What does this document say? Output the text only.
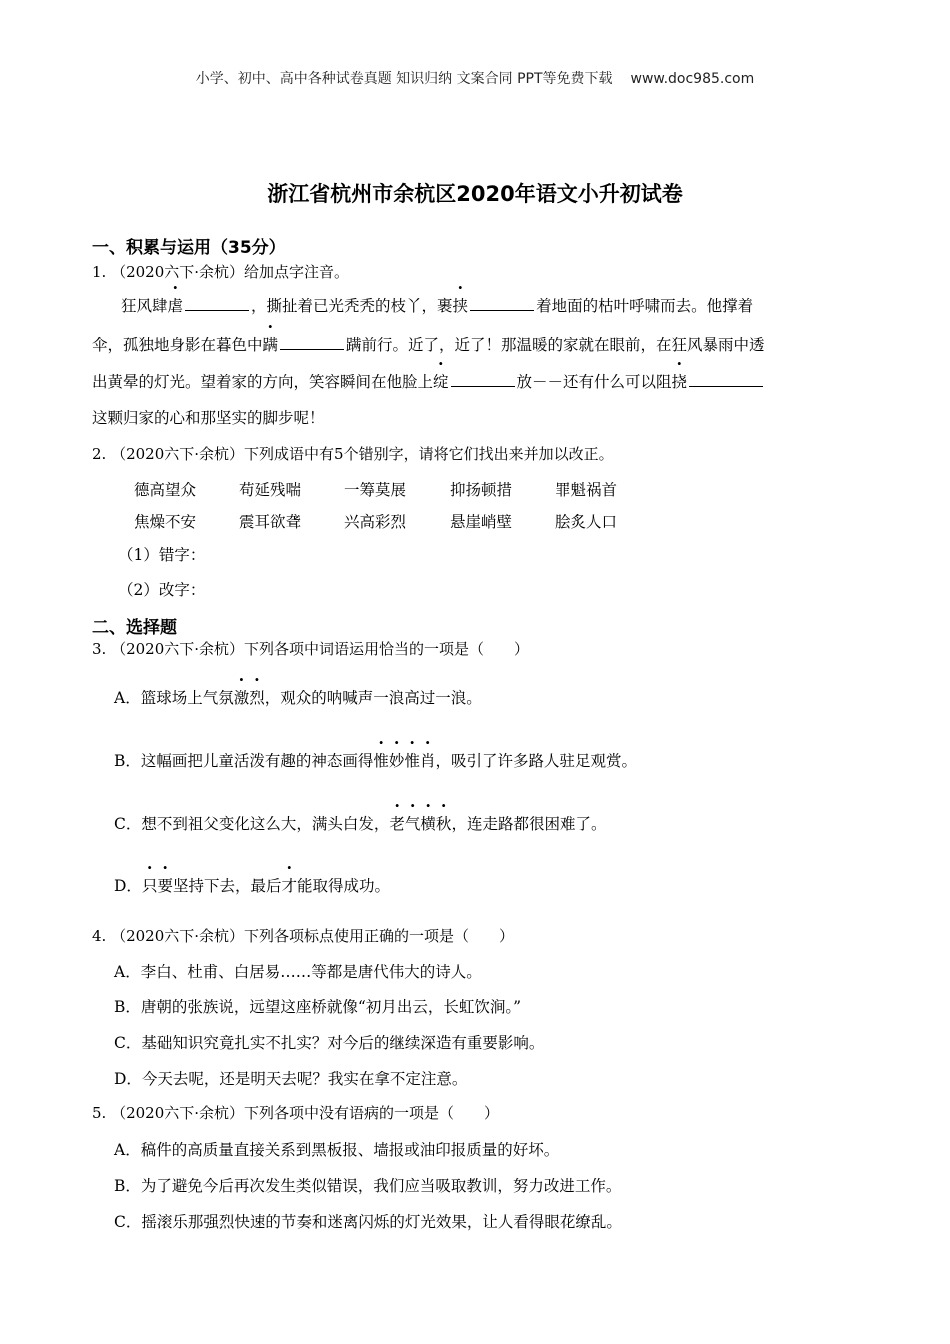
小学、初中、高中各种试卷真题 知识归纳 文案合同 PPT等免费下载 www.doc985.com
浙江省杭州市余杭区2020年语文小升初试卷
一、积累与运用（35分）
1. （2020六下·余杭）给加点字注音。
狂风肆虐	，撕扯着已光秃秃的枝丫，裹挟	着地面的枯叶呼啸而去。他撑着
伞，孤独地身影在暮色中蹒	蹒前行。近了，近了！那温暖的家就在眼前，在狂风暴雨中透
出黄晕的灯光。望着家的方向，笑容瞬间在他脸上绽	放－－还有什么可以阻挠
这颗归家的心和那坚实的脚步呢！
2. （2020六下·余杭）下列成语中有5个错别字，请将它们找出来并加以改正。
德高望众	苟延残喘	一筹莫展	抑扬顿措	罪魁祸首
焦燥不安	震耳欲聋	兴高彩烈	悬崖峭壁	脍炙人口
（1）错字：
（2）改字：
二、选择题
3. （2020六下·余杭）下列各项中词语运用恰当的一项是（　　）
A．篮球场上气氛激烈，观众的呐喊声一浪高过一浪。
B．这幅画把儿童活泼有趣的神态画得惟妙惟肖，吸引了许多路人驻足观赏。
C．想不到祖父变化这么大，满头白发，老气横秋，连走路都很困难了。
D．只要坚持下去，最后才能取得成功。
4. （2020六下·余杭）下列各项标点使用正确的一项是（　　）
A．李白、杜甫、白居易……等都是唐代伟大的诗人。
B．唐朝的张族说，远望这座桥就像“初月出云，长虹饮涧。”
C．基础知识究竟扎实不扎实？对今后的继续深造有重要影响。
D．今天去呢，还是明天去呢？我实在拿不定注意。
5. （2020六下·余杭）下列各项中没有语病的一项是（　　）
A．稿件的高质量直接关系到黑板报、墙报或油印报质量的好坏。
B．为了避免今后再次发生类似错误，我们应当吸取教训，努力改进工作。
C．摇滚乐那强烈快速的节奏和迷离闪烁的灯光效果，让人看得眼花缭乱。
